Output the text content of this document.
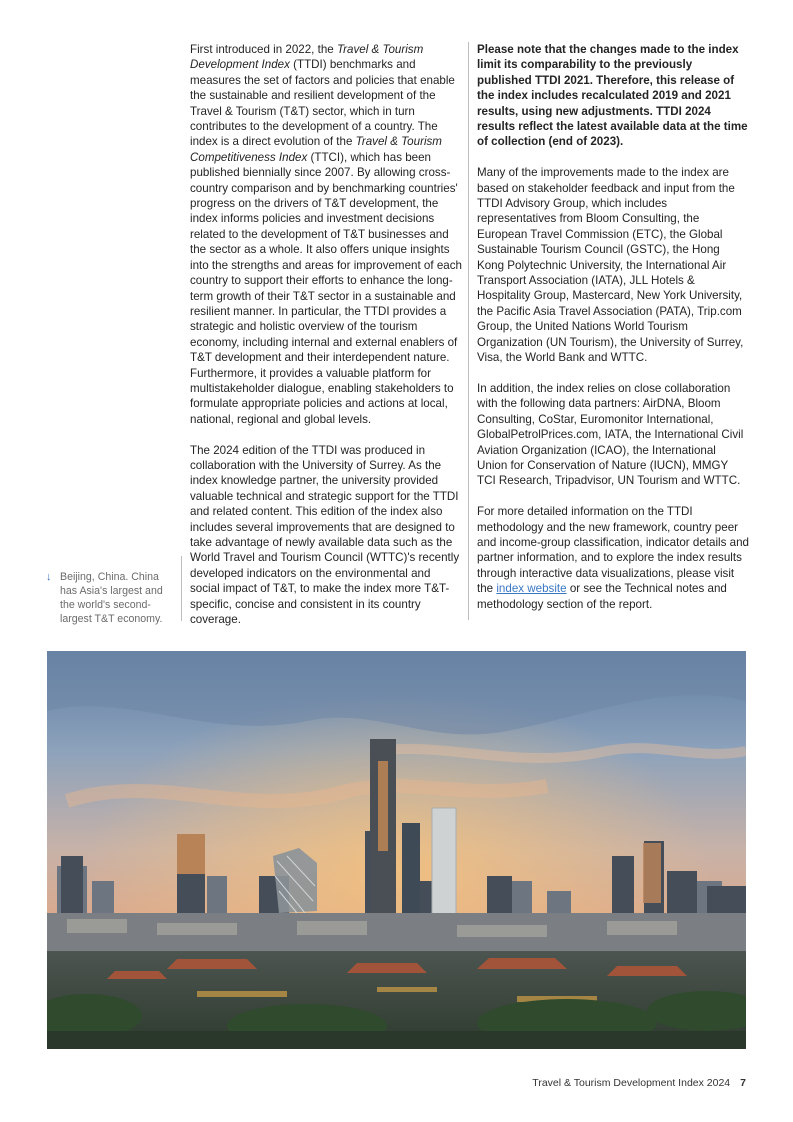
↓ Beijing, China. China has Asia's largest and the world's second-largest T&T economy.

First introduced in 2022, the Travel & Tourism Development Index (TTDI) benchmarks and measures the set of factors and policies that enable the sustainable and resilient development of the Travel & Tourism (T&T) sector, which in turn contributes to the development of a country. The index is a direct evolution of the Travel & Tourism Competitiveness Index (TTCI), which has been published biennially since 2007. By allowing cross-country comparison and by benchmarking countries' progress on the drivers of T&T development, the index informs policies and investment decisions related to the development of T&T businesses and the sector as a whole. It also offers unique insights into the strengths and areas for improvement of each country to support their efforts to enhance the long-term growth of their T&T sector in a sustainable and resilient manner. In particular, the TTDI provides a strategic and holistic overview of the tourism economy, including internal and external enablers of T&T development and their interdependent nature. Furthermore, it provides a valuable platform for multistakeholder dialogue, enabling stakeholders to formulate appropriate policies and actions at local, national, regional and global levels.

The 2024 edition of the TTDI was produced in collaboration with the University of Surrey. As the index knowledge partner, the university provided valuable technical and strategic support for the TTDI and related content. This edition of the index also includes several improvements that are designed to take advantage of newly available data such as the World Travel and Tourism Council (WTTC)'s recently developed indicators on the environmental and social impact of T&T, to make the index more T&T-specific, concise and consistent in its country coverage.

Please note that the changes made to the index limit its comparability to the previously published TTDI 2021. Therefore, this release of the index includes recalculated 2019 and 2021 results, using new adjustments. TTDI 2024 results reflect the latest available data at the time of collection (end of 2023).

Many of the improvements made to the index are based on stakeholder feedback and input from the TTDI Advisory Group, which includes representatives from Bloom Consulting, the European Travel Commission (ETC), the Global Sustainable Tourism Council (GSTC), the Hong Kong Polytechnic University, the International Air Transport Association (IATA), JLL Hotels & Hospitality Group, Mastercard, New York University, the Pacific Asia Travel Association (PATA), Trip.com Group, the United Nations World Tourism Organization (UN Tourism), the University of Surrey, Visa, the World Bank and WTTC.

In addition, the index relies on close collaboration with the following data partners: AirDNA, Bloom Consulting, CoStar, Euromonitor International, GlobalPetrolPrices.com, IATA, the International Civil Aviation Organization (ICAO), the International Union for Conservation of Nature (IUCN), MMGY TCI Research, Tripadvisor, UN Tourism and WTTC.

For more detailed information on the TTDI methodology and the new framework, country peer and income-group classification, indicator details and partner information, and to explore the index results through interactive data visualizations, please visit the index website or see the Technical notes and methodology section of the report.

Travel & Tourism Development Index 2024 7
